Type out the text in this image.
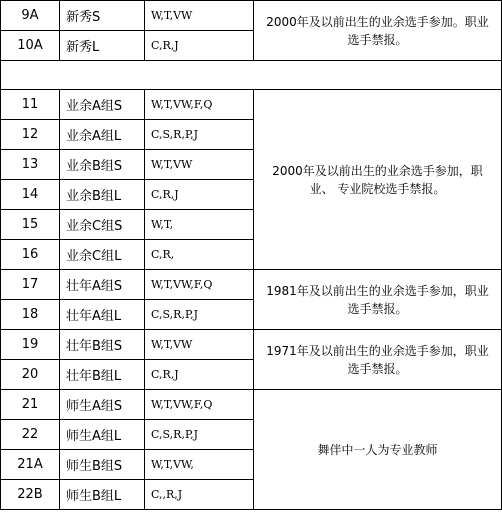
9A	新秀S	W,T,VW	2000年及以前出生的业余选手参加。职业选手禁报。
10A	新秀L	C,R,J	

11	业余A组S	W,T,VW,F,Q	2000年及以前出生的业余选手参加，职业、 专业院校选手禁报。
12	业余A组L	C,S,R,P,J	
13	业余B组S	W,T,VW	
14	业余B组L	C,R,J	
15	业余C组S	W,T,	
16	业余C组L	C,R,	
17	壮年A组S	W,T,VW,F,Q	1981年及以前出生的业余选手参加，职业选手禁报。
18	壮年A组L	C,S,R,P,J	
19	壮年B组S	W,T,VW	1971年及以前出生的业余选手参加，职业选手禁报。
20	壮年B组L	C,R,J	
21	师生A组S	W,T,VW,F,Q	舞伴中一人为专业教师
22	师生A组L	C,S,R,P,J	
21A	师生B组S	W,T,VW,	
22B	师生B组L	C,,R,J	
